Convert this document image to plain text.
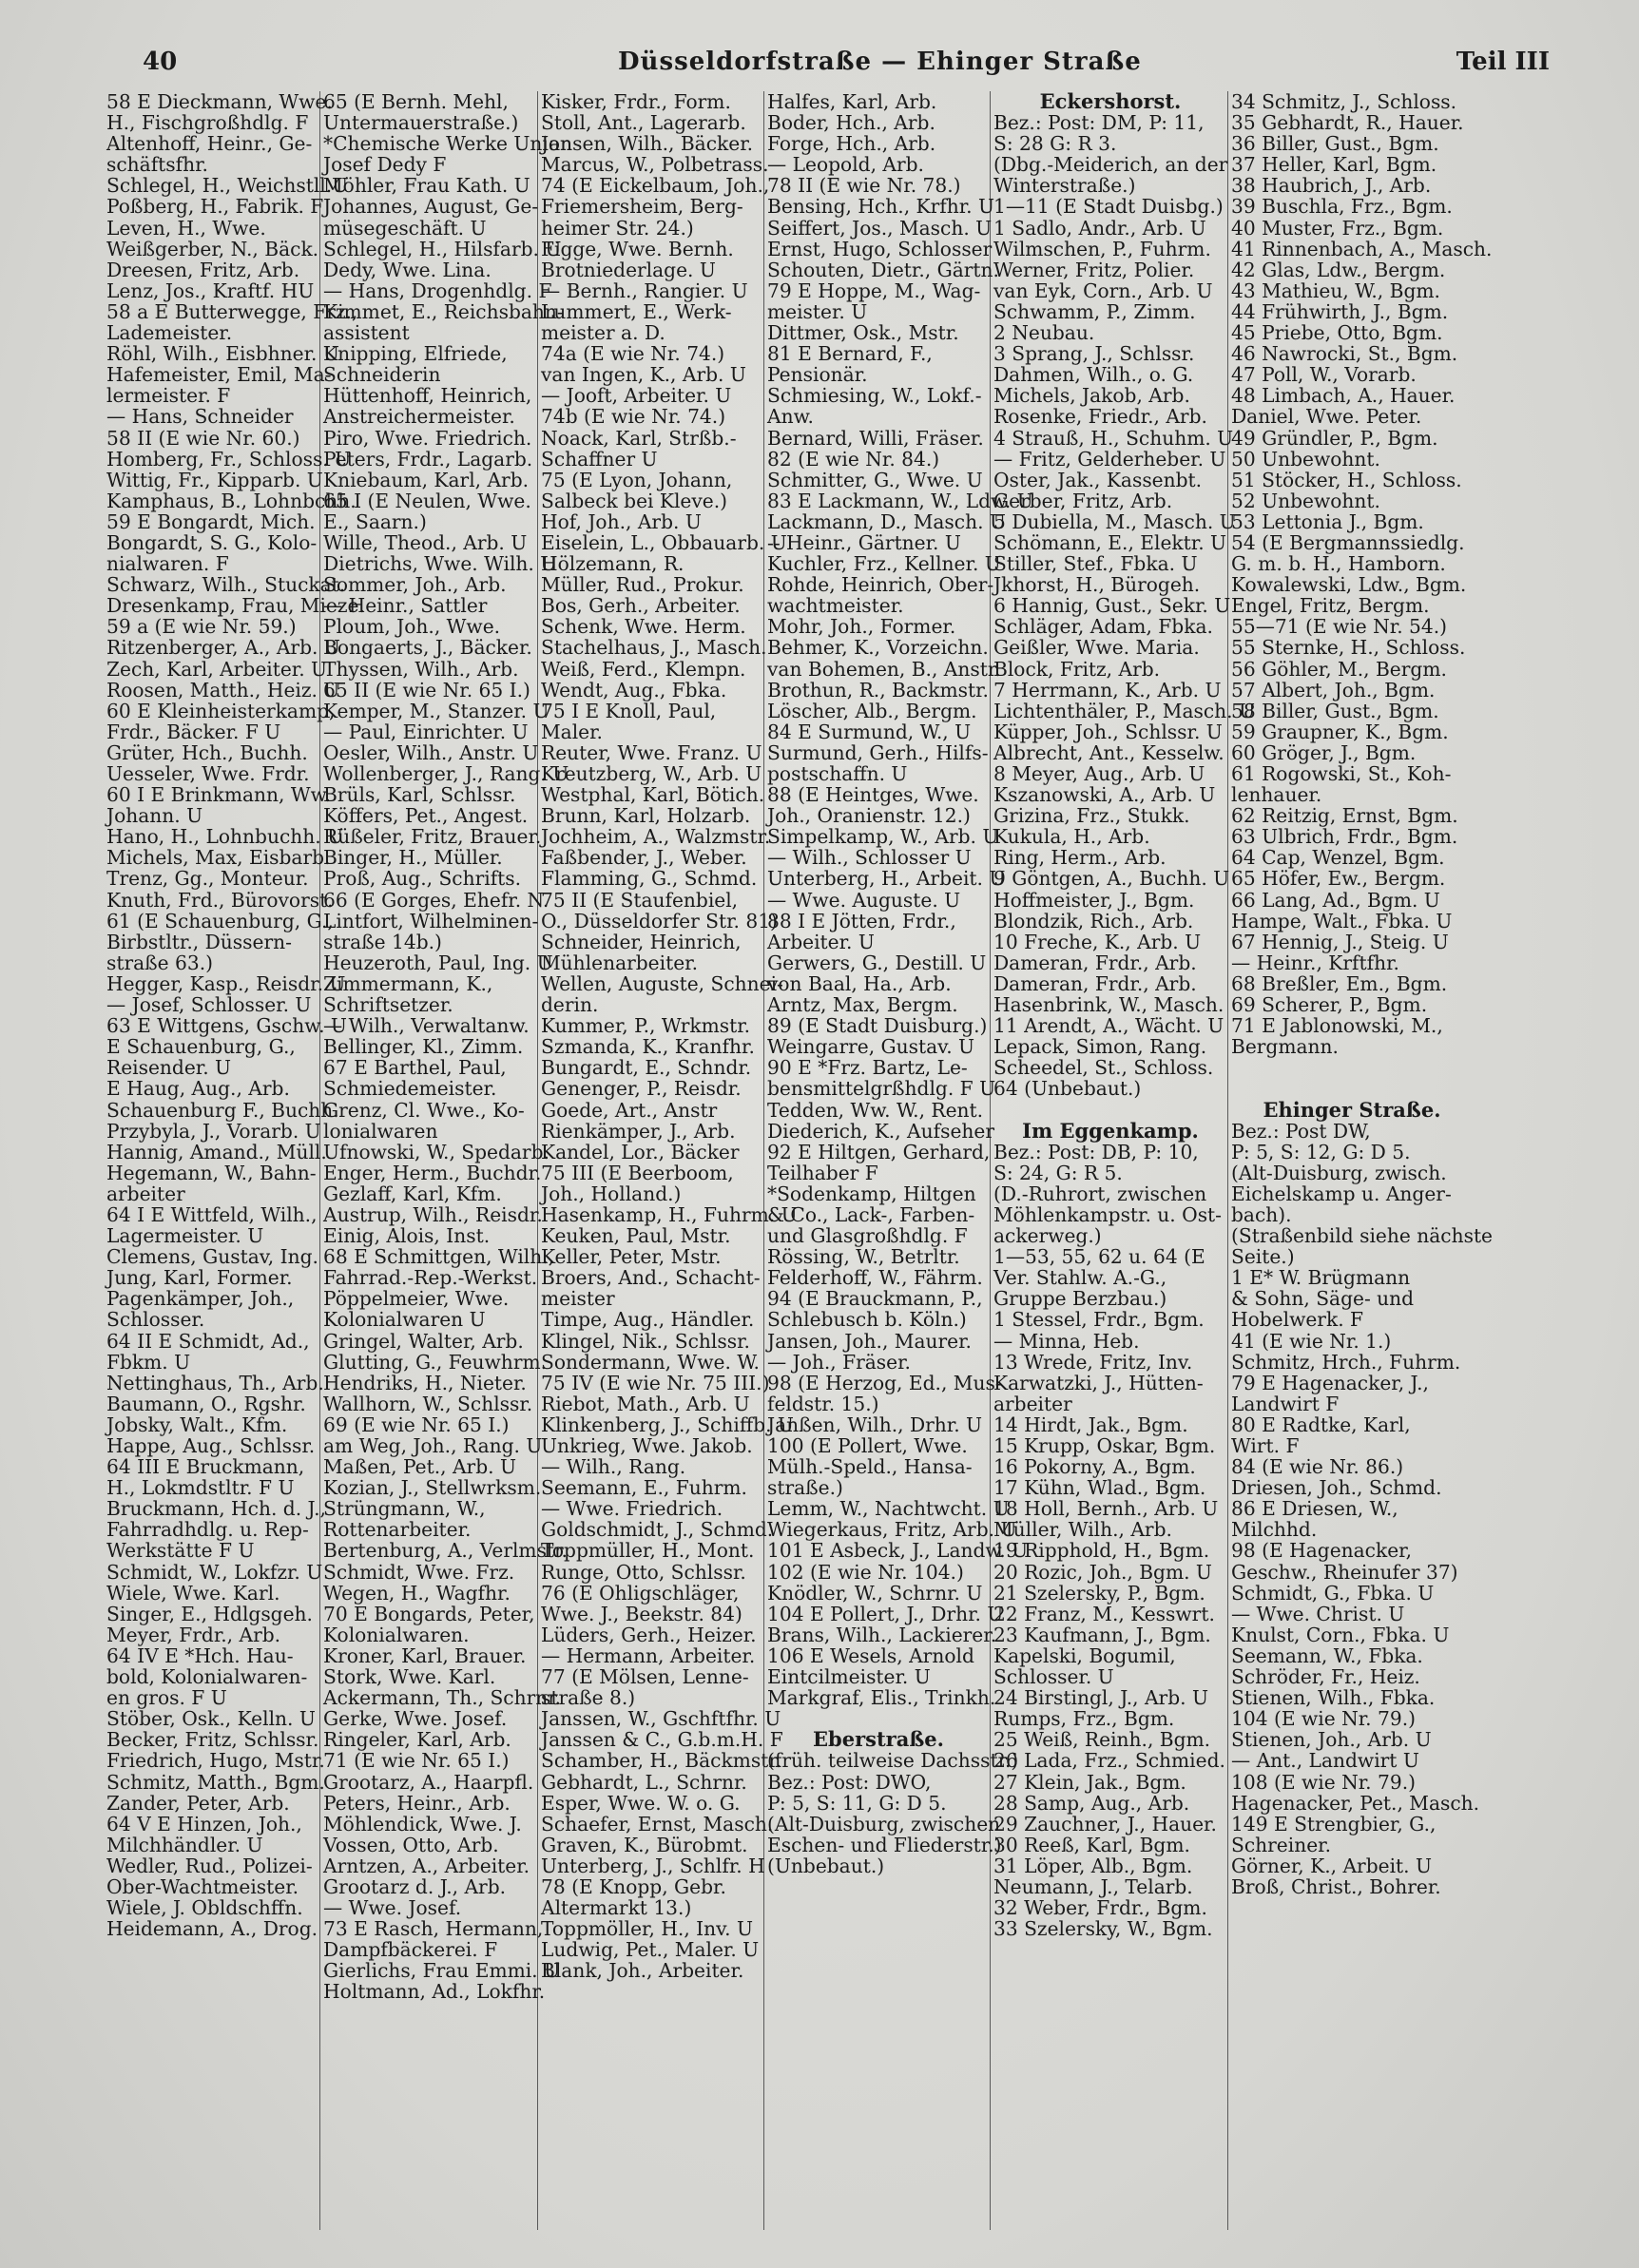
40	Düsseldorfstraße — Ehinger Straße	Teil III
58 E Dieckmann, Wwe.
H., Fischgroßhdlg. F
Altenhoff, Heinr., Ge-
schäftsfhr.
Schlegel, H., Weichstll.U
Poßberg, H., Fabrik. F
Leven, H., Wwe.
Weißgerber, N., Bäck.
Dreesen, Fritz, Arb.
Lenz, Jos., Kraftf. HU
58 a E Butterwegge, Frz.,
Lademeister.
Röhl, Wilh., Eisbhner. U
Hafemeister, Emil, Ma-
lermeister. F
— Hans, Schneider
58 II (E wie Nr. 60.)
Homberg, Fr., Schloss. U
Wittig, Fr., Kipparb. U
Kamphaus, B., Lohnbchh.
59 E Bongardt, Mich.
Bongardt, S. G., Kolo-
nialwaren. F
Schwarz, Wilh., Stuckat.
Dresenkamp, Frau, Mieze.
59 a (E wie Nr. 59.)
Ritzenberger, A., Arb. U
Zech, Karl, Arbeiter. U
Roosen, Matth., Heiz. U
60 E Kleinheisterkamp,
Frdr., Bäcker. F U
Grüter, Hch., Buchh.
Uesseler, Wwe. Frdr.
60 I E Brinkmann, Ww.
Johann. U
Hano, H., Lohnbuchh. U
Michels, Max, Eisbarb.
Trenz, Gg., Monteur.
Knuth, Frd., Bürovorst.
61 (E Schauenburg, G.,
Birbstltr., Düssern-
straße 63.)
Hegger, Kasp., Reisdr. U
— Josef, Schlosser. U
63 E Wittgens, Gschw. U
E Schauenburg, G.,
Reisender. U
E Haug, Aug., Arb.
Schauenburg F., Buchh.
Przybyla, J., Vorarb. U
Hannig, Amand., Müll.
Hegemann, W., Bahn-
arbeiter
64 I E Wittfeld, Wilh.,
Lagermeister. U
Clemens, Gustav, Ing.
Jung, Karl, Former.
Pagenkämper, Joh.,
Schlosser.
64 II E Schmidt, Ad.,
Fbkm. U
Nettinghaus, Th., Arb.
Baumann, O., Rgshr.
Jobsky, Walt., Kfm.
Happe, Aug., Schlssr.
64 III E Bruckmann,
H., Lokmdstltr. F U
Bruckmann, Hch. d. J.,
Fahrradhdlg. u. Rep-
Werkstätte F U
Schmidt, W., Lokfzr. U
Wiele, Wwe. Karl.
Singer, E., Hdlgsgeh.
Meyer, Frdr., Arb.
64 IV E *Hch. Hau-
bold, Kolonialwaren-
en gros. F U
Stöber, Osk., Kelln. U
Becker, Fritz, Schlssr.
Friedrich, Hugo, Mstr.
Schmitz, Matth., Bgm.
Zander, Peter, Arb.
64 V E Hinzen, Joh.,
Milchhändler. U
Wedler, Rud., Polizei-
Ober-Wachtmeister.
Wiele, J. Obldschffn.
Heidemann, A., Drog.
65 (E Bernh. Mehl,
Untermauerstraße.)
*Chemische Werke Union
Josef Dedy F
Möhler, Frau Kath. U
Johannes, August, Ge-
müsegeschäft. U
Schlegel, H., Hilsfarb. U
Dedy, Wwe. Lina.
— Hans, Drogenhdlg. F
Kimmet, E., Reichsbahn-
assistent
Knipping, Elfriede,
Schneiderin
Hüttenhoff, Heinrich,
Anstreichermeister.
Piro, Wwe. Friedrich.
Peters, Frdr., Lagarb.
Kniebaum, Karl, Arb.
65 I (E Neulen, Wwe.
E., Saarn.)
Wille, Theod., Arb. U
Dietrichs, Wwe. Wilh. U
Sommer, Joh., Arb.
— Heinr., Sattler
Ploum, Joh., Wwe.
Bongaerts, J., Bäcker.
Thyssen, Wilh., Arb.
65 II (E wie Nr. 65 I.)
Kemper, M., Stanzer. U
— Paul, Einrichter. U
Oesler, Wilh., Anstr. U
Wollenberger, J., Rang. U
Brüls, Karl, Schlssr.
Köffers, Pet., Angest.
Rüßeler, Fritz, Brauer.
Binger, H., Müller.
Proß, Aug., Schrifts.
66 (E Gorges, Ehefr. N.
Lintfort, Wilhelminen-
straße 14b.)
Heuzeroth, Paul, Ing. U
Zimmermann, K.,
Schriftsetzer.
— Wilh., Verwaltanw.
Bellinger, Kl., Zimm.
67 E Barthel, Paul,
Schmiedemeister.
Grenz, Cl. Wwe., Ko-
lonialwaren
Ufnowski, W., Spedarb.
Enger, Herm., Buchdr.
Gezlaff, Karl, Kfm.
Austrup, Wilh., Reisdr.
Einig, Alois, Inst.
68 E Schmittgen, Wilh.,
Fahrrad.-Rep.-Werkst.
Pöppelmeier, Wwe.
Kolonialwaren U
Gringel, Walter, Arb.
Glutting, G., Feuwhrm.
Hendriks, H., Nieter.
Wallhorn, W., Schlssr.
69 (E wie Nr. 65 I.)
am Weg, Joh., Rang. U
Maßen, Pet., Arb. U
Kozian, J., Stellwrksm.
Strüngmann, W.,
Rottenarbeiter.
Bertenburg, A., Verlmstr.
Schmidt, Wwe. Frz.
Wegen, H., Wagfhr.
70 E Bongards, Peter,
Kolonialwaren.
Kroner, Karl, Brauer.
Stork, Wwe. Karl.
Ackermann, Th., Schrnr.
Gerke, Wwe. Josef.
Ringeler, Karl, Arb.
71 (E wie Nr. 65 I.)
Grootarz, A., Haarpfl.
Peters, Heinr., Arb.
Möhlendick, Wwe. J.
Vossen, Otto, Arb.
Arntzen, A., Arbeiter.
Grootarz d. J., Arb.
— Wwe. Josef.
73 E Rasch, Hermann,
Dampfbäckerei. F
Gierlichs, Frau Emmi. U
Holtmann, Ad., Lokfhr.
Kisker, Frdr., Form.
Stoll, Ant., Lagerarb.
Jansen, Wilh., Bäcker.
Marcus, W., Polbetrass.
74 (E Eickelbaum, Joh.,
Friemersheim, Berg-
heimer Str. 24.)
Figge, Wwe. Bernh.
Brotniederlage. U
— Bernh., Rangier. U
Lummert, E., Werk-
meister a. D.
74a (E wie Nr. 74.)
van Ingen, K., Arb. U
— Jooft, Arbeiter. U
74b (E wie Nr. 74.)
Noack, Karl, Strßb.-
Schaffner U
75 (E Lyon, Johann,
Salbeck bei Kleve.)
Hof, Joh., Arb. U
Eiselein, L., Obbauarb. U
Hölzemann, R.
Müller, Rud., Prokur.
Bos, Gerh., Arbeiter.
Schenk, Wwe. Herm.
Stachelhaus, J., Masch.
Weiß, Ferd., Klempn.
Wendt, Aug., Fbka.
75 I E Knoll, Paul,
Maler.
Reuter, Wwe. Franz. U
Kreutzberg, W., Arb. U
Westphal, Karl, Bötich.
Brunn, Karl, Holzarb.
Jochheim, A., Walzmstr.
Faßbender, J., Weber.
Flamming, G., Schmd.
75 II (E Staufenbiel,
O., Düsseldorfer Str. 81)
Schneider, Heinrich,
Mühlenarbeiter.
Wellen, Auguste, Schnei-
derin.
Kummer, P., Wrkmstr.
Szmanda, K., Kranfhr.
Bungardt, E., Schndr.
Genenger, P., Reisdr.
Goede, Art., Anstr
Rienkämper, J., Arb.
Kandel, Lor., Bäcker
75 III (E Beerboom,
Joh., Holland.)
Hasenkamp, H., Fuhrm. U
Keuken, Paul, Mstr.
Keller, Peter, Mstr.
Broers, And., Schacht-
meister
Timpe, Aug., Händler.
Klingel, Nik., Schlssr.
Sondermann, Wwe. W.
75 IV (E wie Nr. 75 III.)
Riebot, Math., Arb. U
Klinkenberg, J., Schiffb. U
Unkrieg, Wwe. Jakob.
— Wilh., Rang.
Seemann, E., Fuhrm.
— Wwe. Friedrich.
Goldschmidt, J., Schmd.
Toppmüller, H., Mont.
Runge, Otto, Schlssr.
76 (E Ohligschläger,
Wwe. J., Beekstr. 84)
Lüders, Gerh., Heizer.
— Hermann, Arbeiter.
77 (E Mölsen, Lenne-
straße 8.)
Janssen, W., Gschftfhr. U
Janssen & C., G.b.m.H. F
Schamber, H., Bäckmstr.
Gebhardt, L., Schrnr.
Esper, Wwe. W. o. G.
Schaefer, Ernst, Masch.
Graven, K., Bürobmt.
Unterberg, J., Schlfr. H
78 (E Knopp, Gebr.
Altermarkt 13.)
Toppmöller, H., Inv. U
Ludwig, Pet., Maler. U
Blank, Joh., Arbeiter.
Halfes, Karl, Arb.
Boder, Hch., Arb.
Forge, Hch., Arb.
— Leopold, Arb.
78 II (E wie Nr. 78.)
Bensing, Hch., Krfhr. U
Seiffert, Jos., Masch. U
Ernst, Hugo, Schlosser
Schouten, Dietr., Gärtn.
79 E Hoppe, M., Wag-
meister. U
Dittmer, Osk., Mstr.
81 E Bernard, F.,
Pensionär.
Schmiesing, W., Lokf.-
Anw.
Bernard, Willi, Fräser.
82 (E wie Nr. 84.)
Schmitter, G., Wwe. U
83 E Lackmann, W., Ldw. U
Lackmann, D., Masch. U
-- Heinr., Gärtner. U
Kuchler, Frz., Kellner. U
Rohde, Heinrich, Ober-
wachtmeister.
Mohr, Joh., Former.
Behmer, K., Vorzeichn.
van Bohemen, B., Anstr.
Brothun, R., Backmstr.
Löscher, Alb., Bergm.
84 E Surmund, W., U
Surmund, Gerh., Hilfs-
postschaffn. U
88 (E Heintges, Wwe.
Joh., Oranienstr. 12.)
Simpelkamp, W., Arb. U
— Wilh., Schlosser U
Unterberg, H., Arbeit. U
— Wwe. Auguste. U
88 I E Jötten, Frdr.,
Arbeiter. U
Gerwers, G., Destill. U
von Baal, Ha., Arb.
Arntz, Max, Bergm.
89 (E Stadt Duisburg.)
Weingarre, Gustav. U
90 E *Frz. Bartz, Le-
bensmittelgrßhdlg. F U
Tedden, Ww. W., Rent.
Diederich, K., Aufseher
92 E Hiltgen, Gerhard,
Teilhaber F
*Sodenkamp, Hiltgen
& Co., Lack-, Farben-
und Glasgroßhdlg. F
Rössing, W., Betrltr.
Felderhoff, W., Fährm.
94 (E Brauckmann, P.,
Schlebusch b. Köln.)
Jansen, Joh., Maurer.
— Joh., Fräser.
98 (E Herzog, Ed., Mus-
feldstr. 15.)
Janßen, Wilh., Drhr. U
100 (E Pollert, Wwe.
Mülh.-Speld., Hansa-
straße.)
Lemm, W., Nachtwcht. U
Wiegerkaus, Fritz, Arb. U
101 E Asbeck, J., Landw. U
102 (E wie Nr. 104.)
Knödler, W., Schrnr. U
104 E Pollert, J., Drhr. U
Brans, Wilh., Lackierer.
106 E Wesels, Arnold
Eintcilmeister. U
Markgraf, Elis., Trinkh.
Eberstraße.
(früh. teilweise Dachsstr.)
Bez.: Post: DWO,
P: 5, S: 11, G: D 5.
(Alt-Duisburg, zwischen
Eschen- und Fliederstr.)
(Unbebaut.)
Eckershorst.
Bez.: Post: DM, P: 11,
S: 28 G: R 3.
(Dbg.-Meiderich, an der
Winterstraße.)
1—11 (E Stadt Duisbg.)
1 Sadlo, Andr., Arb. U
Wilmschen, P., Fuhrm.
Werner, Fritz, Polier.
van Eyk, Corn., Arb. U
Schwamm, P., Zimm.
2 Neubau.
3 Sprang, J., Schlssr.
Dahmen, Wilh., o. G.
Michels, Jakob, Arb.
Rosenke, Friedr., Arb.
4 Strauß, H., Schuhm. U
— Fritz, Gelderheber. U
Oster, Jak., Kassenbt.
Gerber, Fritz, Arb.
5 Dubiella, M., Masch. U
Schömann, E., Elektr. U
Stiller, Stef., Fbka. U
Jkhorst, H., Bürogeh.
6 Hannig, Gust., Sekr. U
Schläger, Adam, Fbka.
Geißler, Wwe. Maria.
Block, Fritz, Arb.
7 Herrmann, K., Arb. U
Lichtenthäler, P., Masch. U
Küpper, Joh., Schlssr. U
Albrecht, Ant., Kesselw.
8 Meyer, Aug., Arb. U
Kszanowski, A., Arb. U
Grizina, Frz., Stukk.
Kukula, H., Arb.
Ring, Herm., Arb.
9 Göntgen, A., Buchh. U
Hoffmeister, J., Bgm.
Blondzik, Rich., Arb.
10 Freche, K., Arb. U
Dameran, Frdr., Arb.
Dameran, Frdr., Arb.
Hasenbrink, W., Masch.
11 Arendt, A., Wächt. U
Lepack, Simon, Rang.
Scheedel, St., Schloss.
64 (Unbebaut.)
Im Eggenkamp.
Bez.: Post: DB, P: 10,
S: 24, G: R 5.
(D.-Ruhrort, zwischen
Möhlenkampstr. u. Ost-
ackerweg.)
1—53, 55, 62 u. 64 (E
Ver. Stahlw. A.-G.,
Gruppe Berzbau.)
1 Stessel, Frdr., Bgm.
— Minna, Heb.
13 Wrede, Fritz, Inv.
Karwatzki, J., Hütten-
arbeiter
14 Hirdt, Jak., Bgm.
15 Krupp, Oskar, Bgm.
16 Pokorny, A., Bgm.
17 Kühn, Wlad., Bgm.
18 Holl, Bernh., Arb. U
Müller, Wilh., Arb.
19 Ripphold, H., Bgm.
20 Rozic, Joh., Bgm. U
21 Szelersky, P., Bgm.
22 Franz, M., Kesswrt.
23 Kaufmann, J., Bgm.
Kapelski, Bogumil,
Schlosser. U
24 Birstingl, J., Arb. U
Rumps, Frz., Bgm.
25 Weiß, Reinh., Bgm.
26 Lada, Frz., Schmied.
27 Klein, Jak., Bgm.
28 Samp, Aug., Arb.
29 Zauchner, J., Hauer.
30 Reeß, Karl, Bgm.
31 Löper, Alb., Bgm.
Neumann, J., Telarb.
32 Weber, Frdr., Bgm.
33 Szelersky, W., Bgm.
34 Schmitz, J., Schloss.
35 Gebhardt, R., Hauer.
36 Biller, Gust., Bgm.
37 Heller, Karl, Bgm.
38 Haubrich, J., Arb.
39 Buschla, Frz., Bgm.
40 Muster, Frz., Bgm.
41 Rinnenbach, A., Masch.
42 Glas, Ldw., Bergm.
43 Mathieu, W., Bgm.
44 Frühwirth, J., Bgm.
45 Priebe, Otto, Bgm.
46 Nawrocki, St., Bgm.
47 Poll, W., Vorarb.
48 Limbach, A., Hauer.
Daniel, Wwe. Peter.
49 Gründler, P., Bgm.
50 Unbewohnt.
51 Stöcker, H., Schloss.
52 Unbewohnt.
53 Lettonia J., Bgm.
54 (E Bergmannssiedlg.
G. m. b. H., Hamborn.
Kowalewski, Ldw., Bgm.
Engel, Fritz, Bergm.
55—71 (E wie Nr. 54.)
55 Sternke, H., Schloss.
56 Göhler, M., Bergm.
57 Albert, Joh., Bgm.
58 Biller, Gust., Bgm.
59 Graupner, K., Bgm.
60 Gröger, J., Bgm.
61 Rogowski, St., Koh-
lenhauer.
62 Reitzig, Ernst, Bgm.
63 Ulbrich, Frdr., Bgm.
64 Cap, Wenzel, Bgm.
65 Höfer, Ew., Bergm.
66 Lang, Ad., Bgm. U
Hampe, Walt., Fbka. U
67 Hennig, J., Steig. U
— Heinr., Krftfhr.
68 Breßler, Em., Bgm.
69 Scherer, P., Bgm.
71 E Jablonowski, M.,
Bergmann.
Ehinger Straße.
Bez.: Post DW,
P: 5, S: 12, G: D 5.
(Alt-Duisburg, zwisch.
Eichelskamp u. Anger-
bach).
(Straßenbild siehe nächste
Seite.)
1 E* W. Brügmann
& Sohn, Säge- und
Hobelwerk. F
41 (E wie Nr. 1.)
Schmitz, Hrch., Fuhrm.
79 E Hagenacker, J.,
Landwirt F
80 E Radtke, Karl,
Wirt. F
84 (E wie Nr. 86.)
Driesen, Joh., Schmd.
86 E Driesen, W.,
Milchhd.
98 (E Hagenacker,
Geschw., Rheinufer 37)
Schmidt, G., Fbka. U
— Wwe. Christ. U
Knulst, Corn., Fbka. U
Seemann, W., Fbka.
Schröder, Fr., Heiz.
Stienen, Wilh., Fbka.
104 (E wie Nr. 79.)
Stienen, Joh., Arb. U
— Ant., Landwirt U
108 (E wie Nr. 79.)
Hagenacker, Pet., Masch.
149 E Strengbier, G.,
Schreiner.
Görner, K., Arbeit. U
Broß, Christ., Bohrer.
